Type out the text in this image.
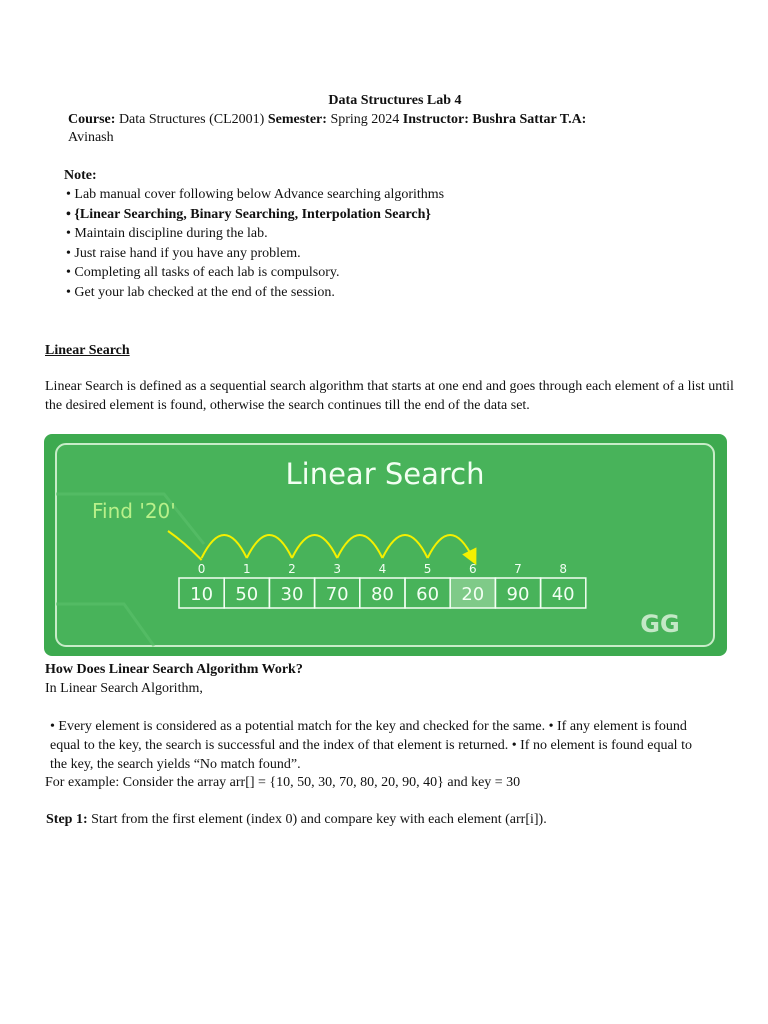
Data Structures Lab 4
Course: Data Structures (CL2001) Semester: Spring 2024 Instructor: Bushra Sattar T.A:
Avinash
Note:
• Lab manual cover following below Advance searching algorithms
• {Linear Searching, Binary Searching, Interpolation Search}
• Maintain discipline during the lab.
• Just raise hand if you have any problem.
• Completing all tasks of each lab is compulsory.
• Get your lab checked at the end of the session.
Linear Search
Linear Search is defined as a sequential search algorithm that starts at one end and goes through each element of a list until the desired element is found, otherwise the search continues till the end of the data set.
Linear Search
Find '20'
0	1	2	3	4	5	6	7	8
10 50 30 70 80 60 20 90 40
GG
How Does Linear Search Algorithm Work?
In Linear Search Algorithm,
• Every element is considered as a potential match for the key and checked for the same. • If any element is found equal to the key, the search is successful and the index of that element is returned. • If no element is found equal to the key, the search yields “No match found”.
For example: Consider the array arr[] = {10, 50, 30, 70, 80, 20, 90, 40} and key = 30
Step 1: Start from the first element (index 0) and compare key with each element (arr[i]).
